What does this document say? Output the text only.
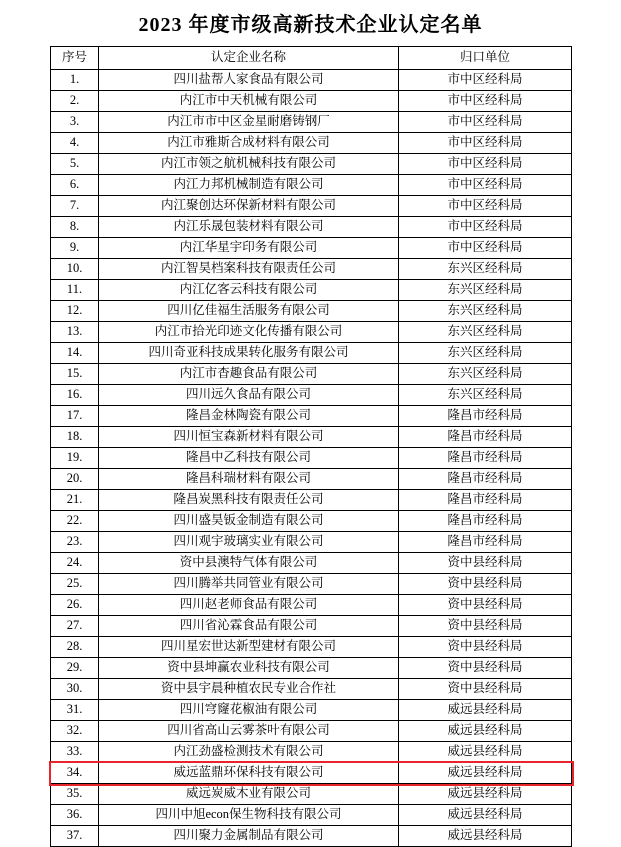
2023 年度市级高新技术企业认定名单
序号	认定企业名称	归口单位
1.	四川盐帮人家食品有限公司	市中区经科局
2.	内江市中天机械有限公司	市中区经科局
3.	内江市市中区金星耐磨铸钢厂	市中区经科局
4.	内江市雅斯合成材料有限公司	市中区经科局
5.	内江市领之航机械科技有限公司	市中区经科局
6.	内江力邦机械制造有限公司	市中区经科局
7.	内江聚创达环保新材料有限公司	市中区经科局
8.	内江乐晟包装材料有限公司	市中区经科局
9.	内江华星宇印务有限公司	市中区经科局
10.	内江智昊档案科技有限责任公司	东兴区经科局
11.	内江亿客云科技有限公司	东兴区经科局
12.	四川亿佳福生活服务有限公司	东兴区经科局
13.	内江市拾光印迹文化传播有限公司	东兴区经科局
14.	四川奇亚科技成果转化服务有限公司	东兴区经科局
15.	内江市杳趣食品有限公司	东兴区经科局
16.	四川远久食品有限公司	东兴区经科局
17.	隆昌金林陶瓷有限公司	隆昌市经科局
18.	四川恒宝森新材料有限公司	隆昌市经科局
19.	隆昌中乙科技有限公司	隆昌市经科局
20.	隆昌科瑞材料有限公司	隆昌市经科局
21.	隆昌炭黑科技有限责任公司	隆昌市经科局
22.	四川盛昊钣金制造有限公司	隆昌市经科局
23.	四川观宇玻璃实业有限公司	隆昌市经科局
24.	资中县澳特气体有限公司	资中县经科局
25.	四川腾举共同管业有限公司	资中县经科局
26.	四川赵老师食品有限公司	资中县经科局
27.	四川省沁霖食品有限公司	资中县经科局
28.	四川星宏世达新型建材有限公司	资中县经科局
29.	资中县坤赢农业科技有限公司	资中县经科局
30.	资中县宇晨种植农民专业合作社	资中县经科局
31.	四川穹窿花椒油有限公司	威远县经科局
32.	四川省高山云雾茶叶有限公司	威远县经科局
33.	内江劲盛检测技术有限公司	威远县经科局
34.	威远蓝鼎环保科技有限公司	威远县经科局
35.	威远炭威木业有限公司	威远县经科局
36.	四川中旭econ保生物科技有限公司	威远县经科局
37.	四川聚力金属制品有限公司	威远县经科局
